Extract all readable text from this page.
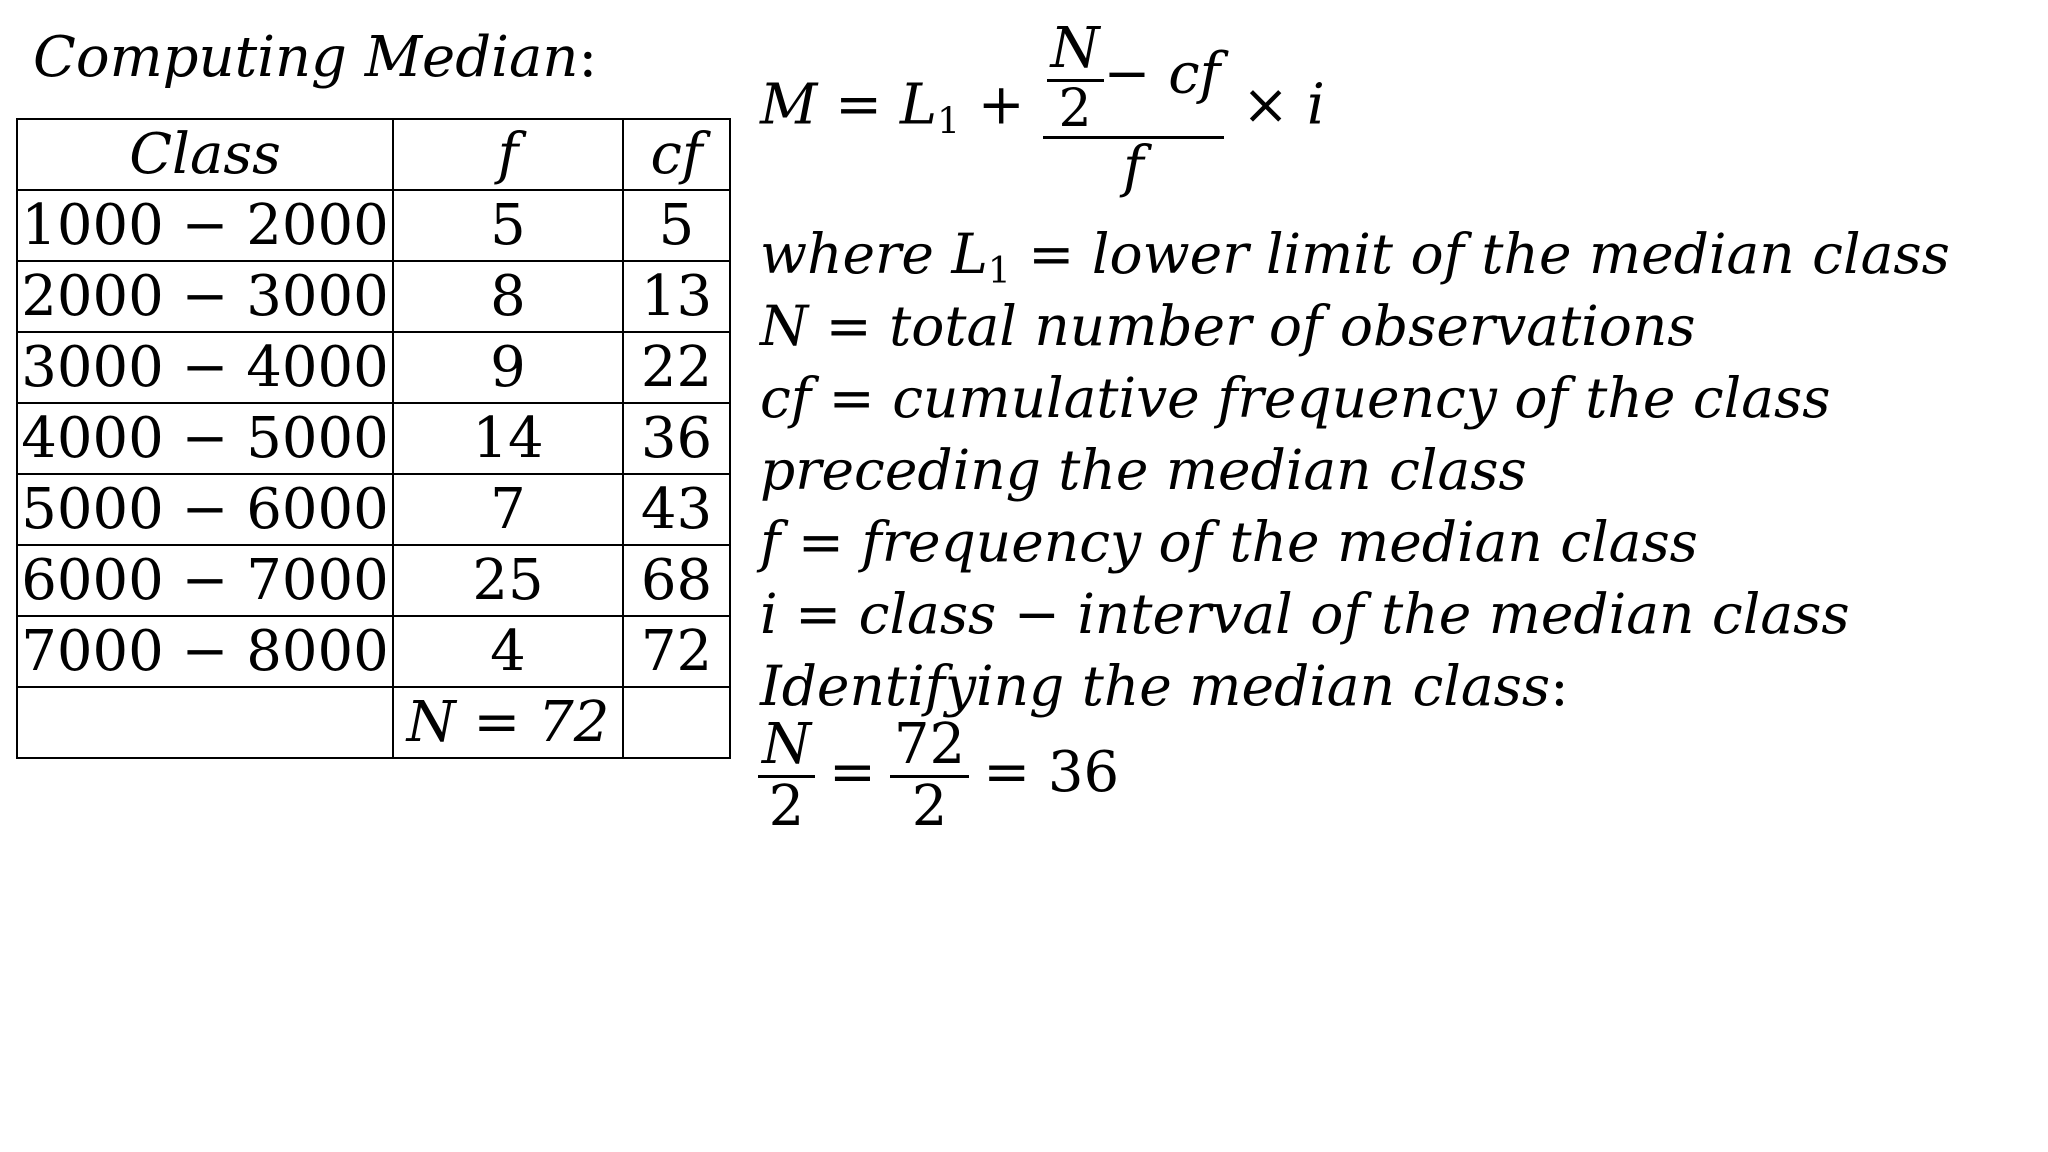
Computing Median:
Class	f	cf
1000 − 2000	5	5
2000 − 3000	8	13
3000 − 4000	9	22
4000 − 5000	14	36
5000 − 6000	7	43
6000 − 7000	25	68
7000 − 8000	4	72
	N = 72	
$M = L_1 + \frac{\frac{N}{2} - cf}{f} \times i$
where $L_1$ = lower limit of the median class
N = total number of observations
cf = cumulative frequency of the class
preceding the median class
f = frequency of the median class
i = class − interval of the median class
Identifying the median class:
$\frac{N}{2} = \frac{72}{2} = 36$
